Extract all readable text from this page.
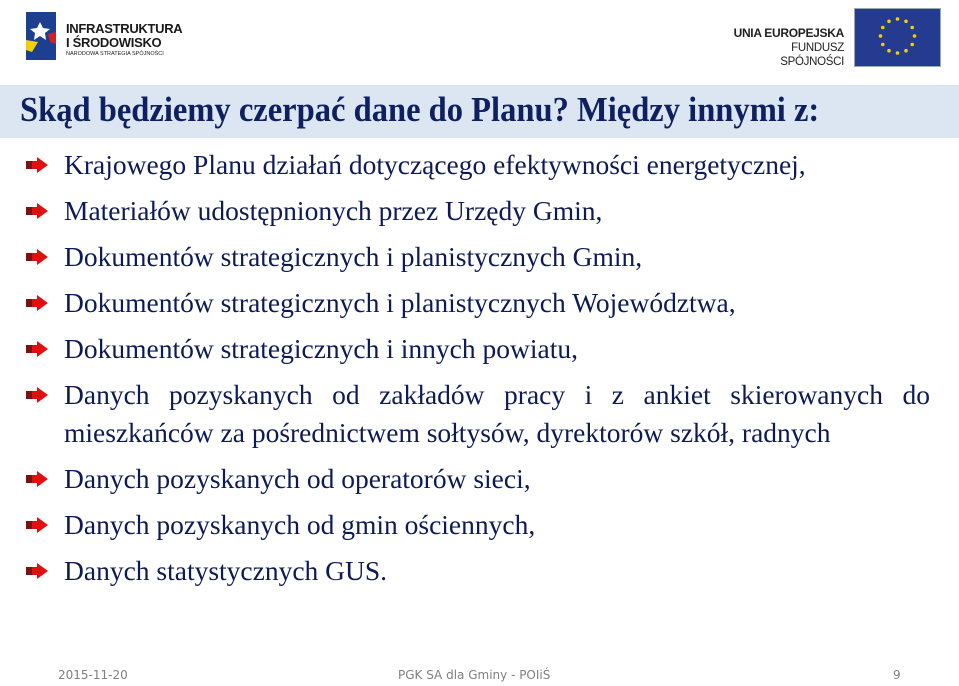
INFRASTRUKTURA
I ŚRODOWISKO
NARODOWA STRATEGIA SPÓJNOŚCI
UNIA EUROPEJSKA
FUNDUSZ SPÓJNOŚCI
Skąd będziemy czerpać dane do Planu? Między innymi z:
Krajowego Planu działań dotyczącego efektywności energetycznej,
Materiałów udostępnionych przez Urzędy Gmin,
Dokumentów strategicznych i planistycznych Gmin,
Dokumentów strategicznych i planistycznych Województwa,
Dokumentów strategicznych i innych powiatu,
Danych pozyskanych od zakładów pracy i z ankiet skierowanych do mieszkańców za pośrednictwem sołtysów, dyrektorów szkół, radnych
Danych pozyskanych od operatorów sieci,
Danych pozyskanych od gmin ościennych,
Danych statystycznych GUS.
2015-11-20	PGK SA dla Gminy - POIiŚ	9
